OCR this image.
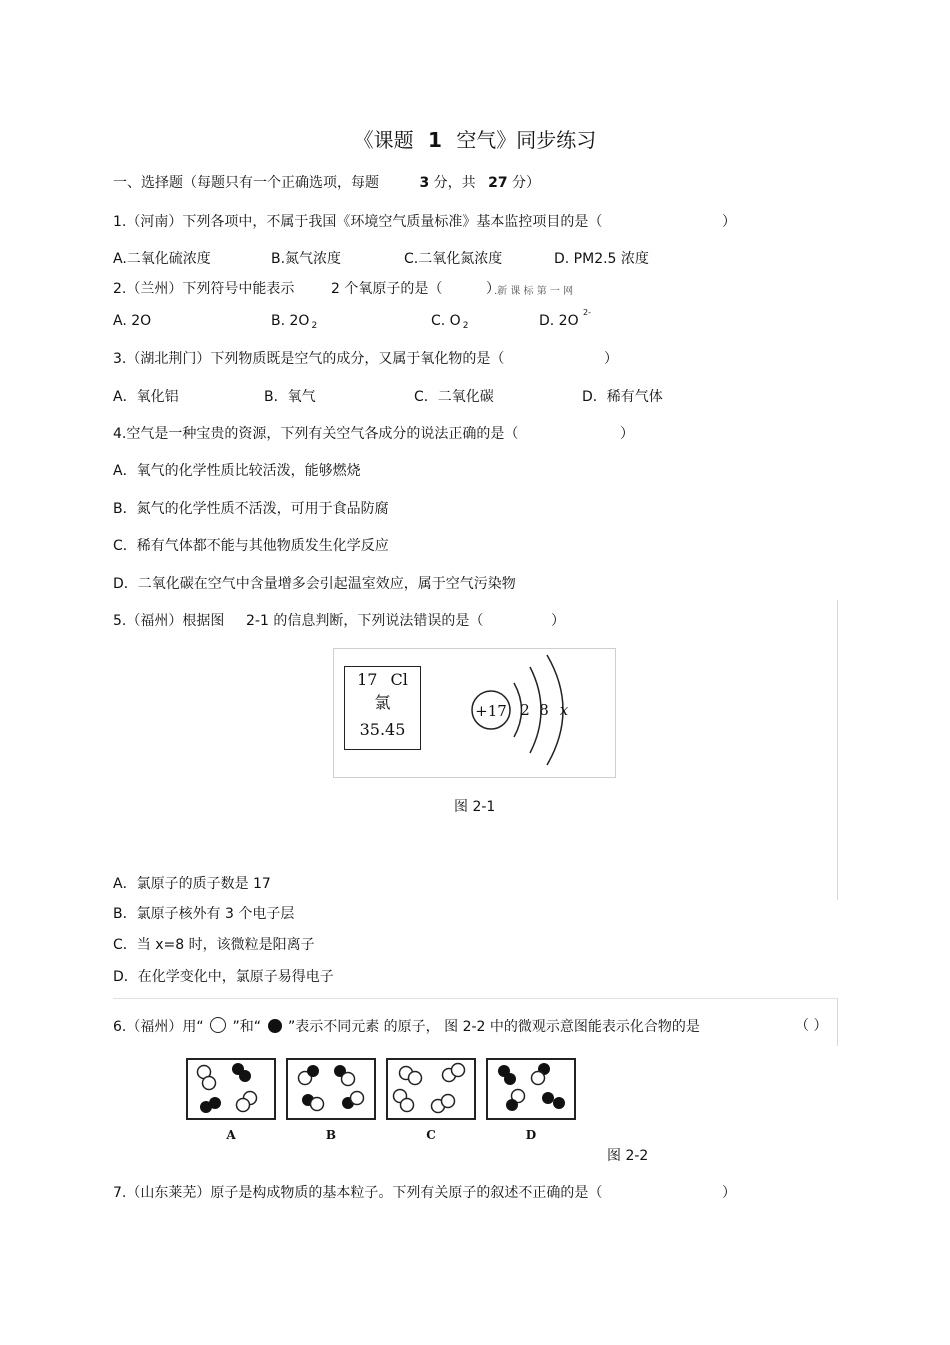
《课题 1 空气》同步练习
一、选择题（每题只有一个正确选项，每题	3 分，共 27 分）
1.（河南）下列各项中，不属于我国《环境空气质量标准》基本监控项目的是（	）
A.二氧化硫浓度	B.氮气浓度	C.二氧化氮浓度	D. PM2.5 浓度
2.（兰州）下列符号中能表示	2 个氧原子的是（	）
.新 课 标 第 一 网
A. 2O	B. 2O $_2$	C. O $_2$	D. 2O
2-
3.（湖北荆门）下列物质既是空气的成分，又属于氧化物的是（	）
A．氧化铝	B．氧气	C．二氧化碳	D．稀有气体
4.空气是一种宝贵的资源，下列有关空气各成分的说法正确的是（	）
A．氧气的化学性质比较活泼，能够燃烧
B．氮气的化学性质不活泼，可用于食品防腐
C．稀有气体都不能与其他物质发生化学反应
D．二氧化碳在空气中含量增多会引起温室效应，属于空气污染物
5.（福州）根据图 2-1 的信息判断，下列说法错误的是（	）
17 Cl
氯
35.45
+17 2 8 x
图 2-1
A．氯原子的质子数是 17
B．氯原子核外有 3 个电子层
C．当 x=8 时，该微粒是阳离子
D．在化学变化中，氯原子易得电子
6.（福州）用“ ”和“ ”表示不同元素 的原子， 图 2-2 中的微观示意图能表示化合物的是	（ ）
A	B	C	D
图 2-2
7.（山东莱芜）原子是构成物质的基本粒子。下列有关原子的叙述不正确的是（	）
